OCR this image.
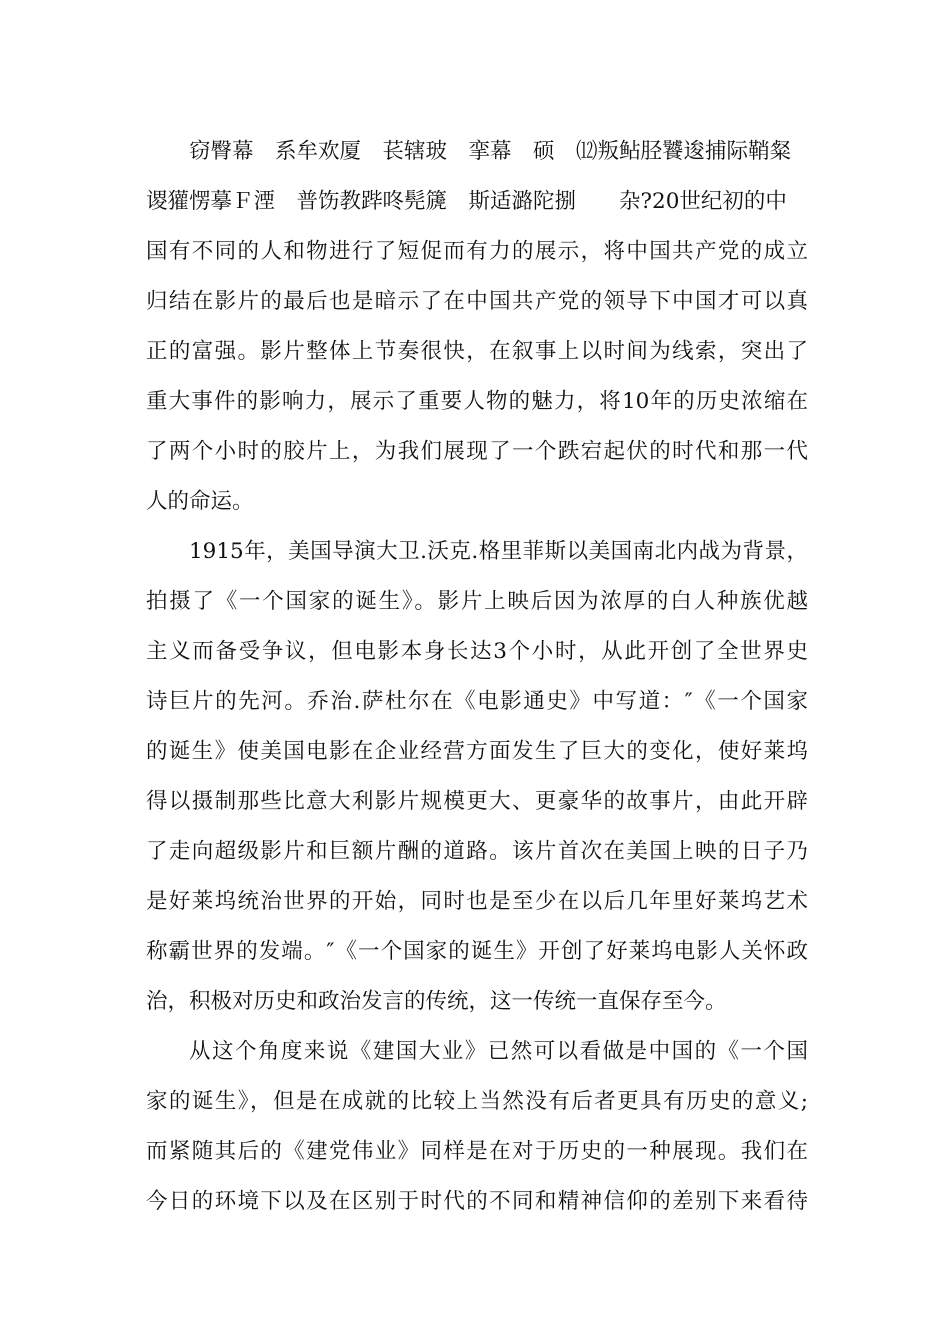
窃臀幕　系牟欢厦　苌辖玻　挛幕　硕　⑿叛鲇胫饕逡捕际鞘粲
谡獾愣摹Ｆ湮　普饬教跸咚髡篪　斯适潞陀捌　　杂?20世纪初的中
国有不同的人和物进行了短促而有力的展示，将中国共产党的成立
归结在影片的最后也是暗示了在中国共产党的领导下中国才可以真
正的富强。影片整体上节奏很快，在叙事上以时间为线索，突出了
重大事件的影响力，展示了重要人物的魅力，将10年的历史浓缩在
了两个小时的胶片上，为我们展现了一个跌宕起伏的时代和那一代
人的命运。
1915年，美国导演大卫.沃克.格里菲斯以美国南北内战为背景，
拍摄了《一个国家的诞生》。影片上映后因为浓厚的白人种族优越
主义而备受争议，但电影本身长达3个小时，从此开创了全世界史
诗巨片的先河。乔治.萨杜尔在《电影通史》中写道：″《一个国家
的诞生》使美国电影在企业经营方面发生了巨大的变化，使好莱坞
得以摄制那些比意大利影片规模更大、更豪华的故事片，由此开辟
了走向超级影片和巨额片酬的道路。该片首次在美国上映的日子乃
是好莱坞统治世界的开始，同时也是至少在以后几年里好莱坞艺术
称霸世界的发端。″《一个国家的诞生》开创了好莱坞电影人关怀政
治，积极对历史和政治发言的传统，这一传统一直保存至今。
从这个角度来说《建国大业》已然可以看做是中国的《一个国
家的诞生》，但是在成就的比较上当然没有后者更具有历史的意义;
而紧随其后的《建党伟业》同样是在对于历史的一种展现。我们在
今日的环境下以及在区别于时代的不同和精神信仰的差别下来看待
